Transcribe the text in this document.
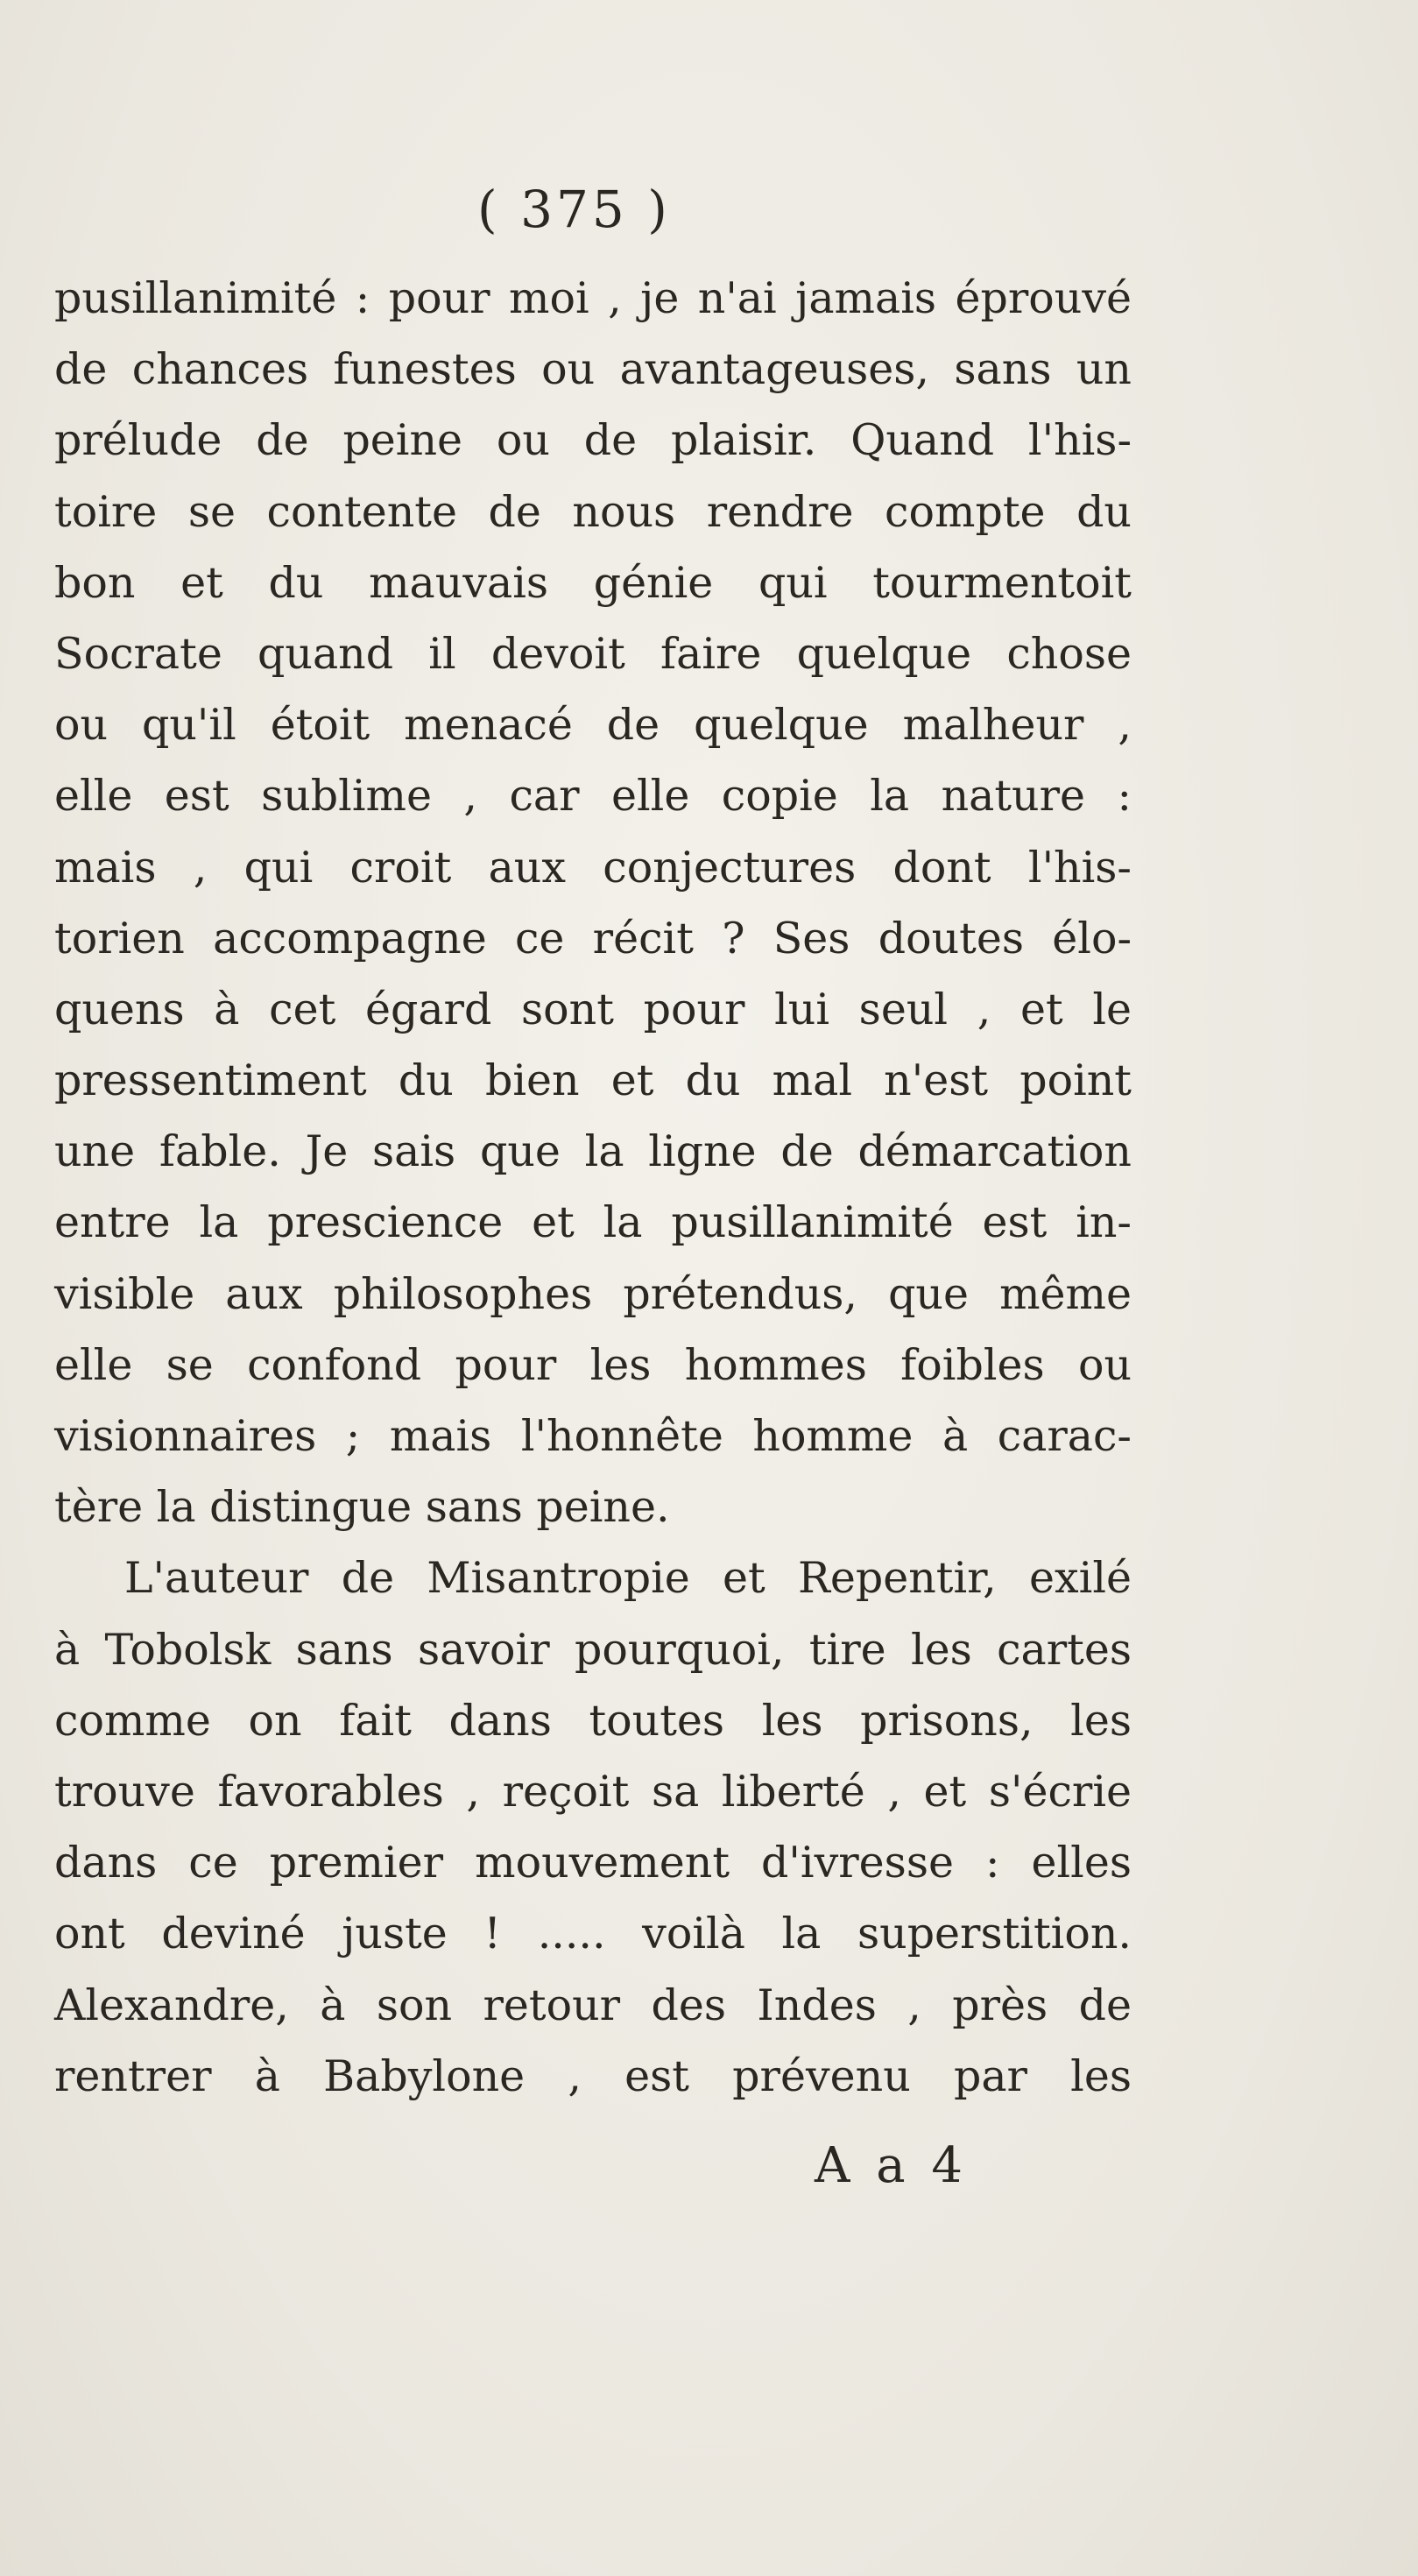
( 375 )
pusillanimité : pour moi , je n'ai jamais éprouvé
de chances funestes ou avantageuses, sans un
prélude de peine ou de plaisir. Quand l'his-
toire se contente de nous rendre compte du
bon et du mauvais génie qui tourmentoit
Socrate quand il devoit faire quelque chose
ou qu'il étoit menacé de quelque malheur ,
elle est sublime , car elle copie la nature :
mais , qui croit aux conjectures dont l'his-
torien accompagne ce récit ? Ses doutes élo-
quens à cet égard sont pour lui seul , et le
pressentiment du bien et du mal n'est point
une fable. Je sais que la ligne de démarcation
entre la prescience et la pusillanimité est in-
visible aux philosophes prétendus, que même
elle se confond pour les hommes foibles ou
visionnaires ; mais l'honnête homme à carac-
tère la distingue sans peine.
L'auteur de Misantropie et Repentir, exilé
à Tobolsk sans savoir pourquoi, tire les cartes
comme on fait dans toutes les prisons, les
trouve favorables , reçoit sa liberté , et s'écrie
dans ce premier mouvement d'ivresse : elles
ont deviné juste ! ..... voilà la superstition.
Alexandre, à son retour des Indes , près de
rentrer à Babylone , est prévenu par les
A a 4
